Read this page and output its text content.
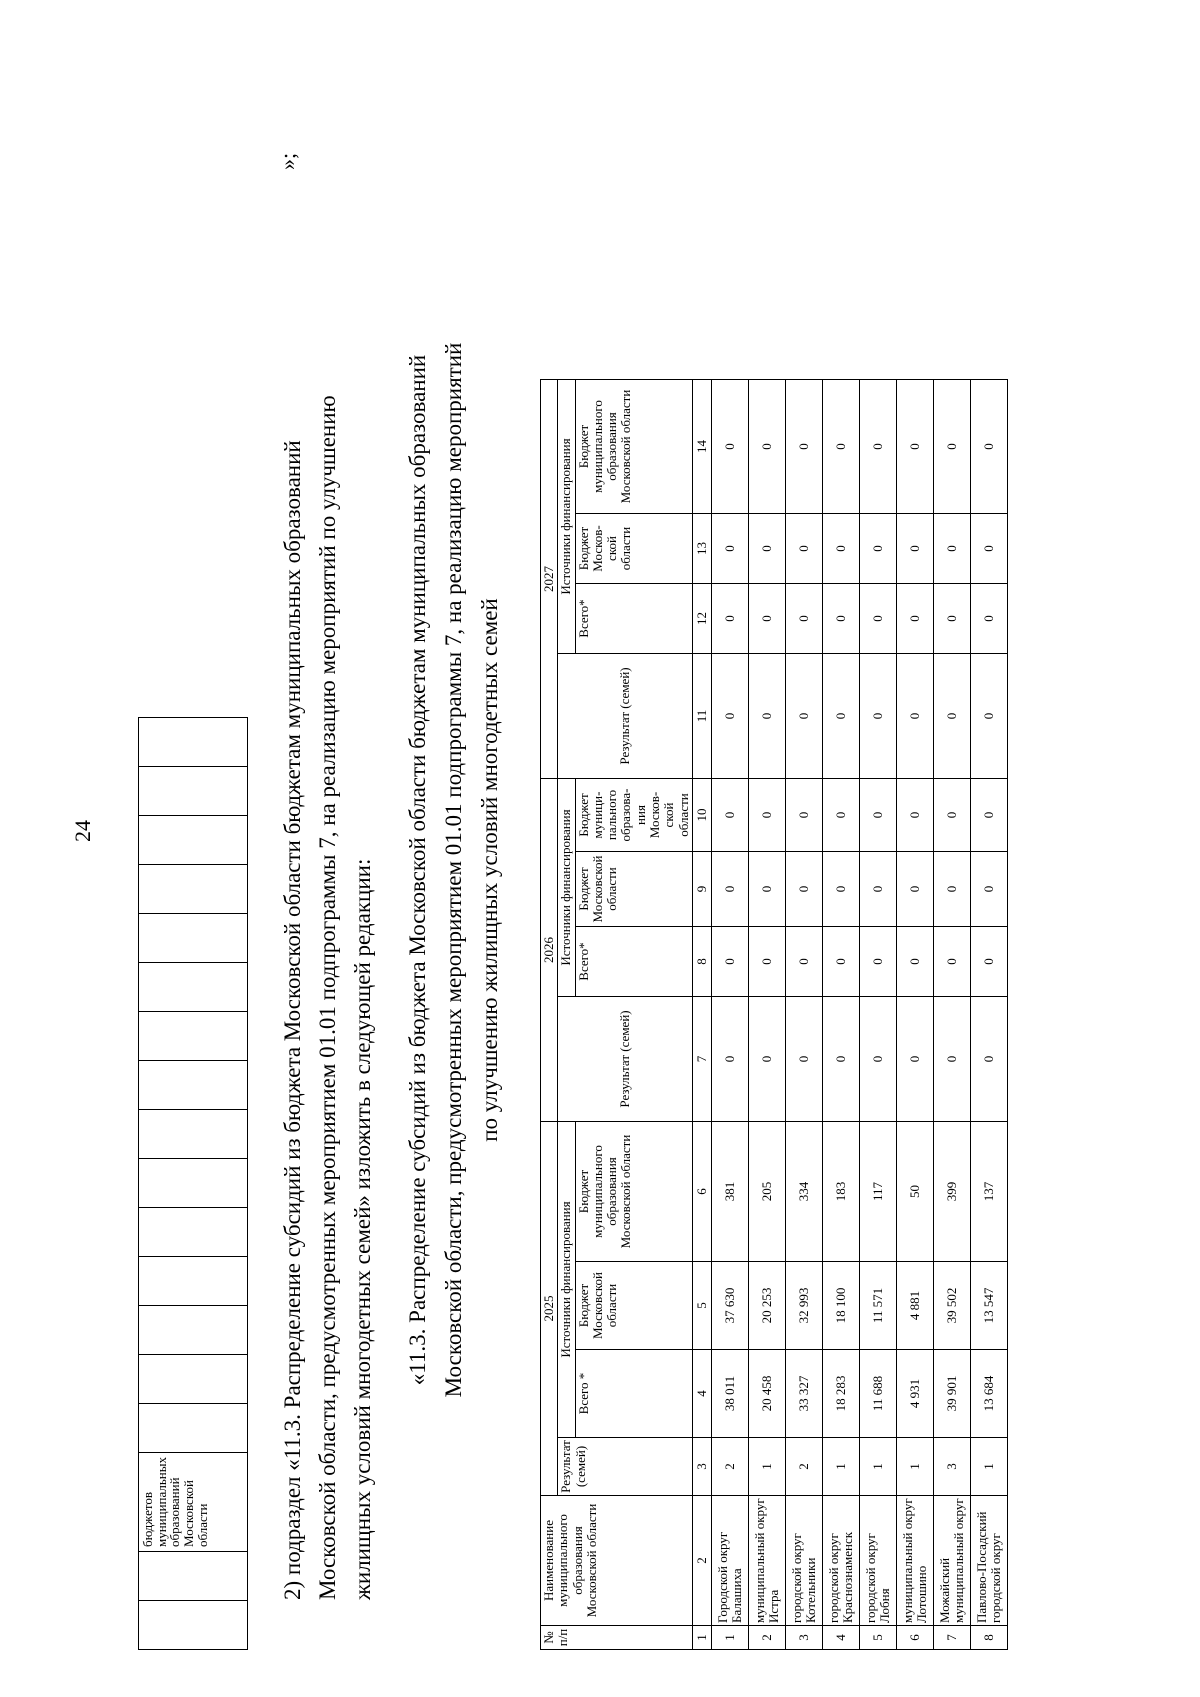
24
		бюджетов муниципальных образований Московской области																2) подраздел «11.3. Распределение субсидий из бюджета Московской области бюджетам муниципальных образований Московской области, предусмотренных мероприятием 01.01 подпрограммы 7, на реализацию мероприятий по улучшению жилищных условий многодетных семей» изложить в следующей редакции:

»;
«11.3. Распределение субсидий из бюджета Московской области бюджетам муниципальных образований Московской области, предусмотренных мероприятием 01.01 подпрограммы 7, на реализацию мероприятий по улучшению жилищных условий многодетных семей
№ п/п	Наименование муниципального образования Московской области	2025				2026				2027			
		Результат (семей)	Источники финансирования			Результат (семей)	Источники финансирования			Результат (семей)	Источники финансирования		
			Всего *	Бюджет Московской области	Бюджет муниципального образования Московской области		Всего*	Бюджет Московской области	Бюджет муници-пального образова-ния Москов-ской области		Всего*	Бюджет Москов-ской области	Бюджет муниципального образования Московской области
1	2	3	4	5	6	7	8	9	10	11	12	13	14
1	Городской округ Балашиха	2	38 011	37 630	381	0	0	0	0	0	0	0	0
2	муниципальный округ Истра	1	20 458	20 253	205	0	0	0	0	0	0	0	0
3	городской округ Котельники	2	33 327	32 993	334	0	0	0	0	0	0	0	0
4	городской округ Краснознаменск	1	18 283	18 100	183	0	0	0	0	0	0	0	0
5	городской округ Лобня	1	11 688	11 571	117	0	0	0	0	0	0	0	0
6	муниципальный округ Лотошино	1	4 931	4 881	50	0	0	0	0	0	0	0	0
7	Можайский муниципальный округ	3	39 901	39 502	399	0	0	0	0	0	0	0	0
8	Павлово-Посадский городской округ	1	13 684	13 547	137	0	0	0	0	0	0	0	0
